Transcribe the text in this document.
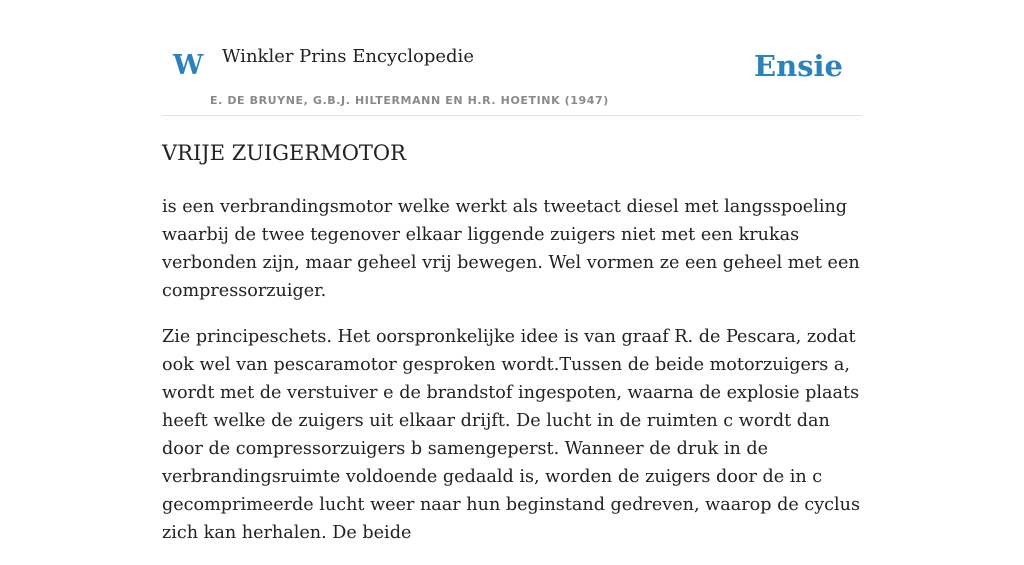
W Winkler Prins Encyclopedie
E. DE BRUYNE, G.B.J. HILTERMANN EN H.R. HOETINK (1947)
Ensie
VRIJE ZUIGERMOTOR

is een verbrandingsmotor welke werkt als tweetact diesel met langsspoeling waarbij de twee tegenover elkaar liggende zuigers niet met een krukas verbonden zijn, maar geheel vrij bewegen. Wel vormen ze een geheel met een compressorzuiger.

Zie principeschets. Het oorspronkelijke idee is van graaf R. de Pescara, zodat ook wel van pescaramotor gesproken wordt.Tussen de beide motorzuigers a, wordt met de verstuiver e de brandstof ingespoten, waarna de explosie plaats heeft welke de zuigers uit elkaar drijft. De lucht in de ruimten c wordt dan door de compressorzuigers b samengeperst. Wanneer de druk in de verbrandingsruimte voldoende gedaald is, worden de zuigers door de in c gecomprimeerde lucht weer naar hun beginstand gedreven, waarop de cyclus zich kan herhalen. De beide
